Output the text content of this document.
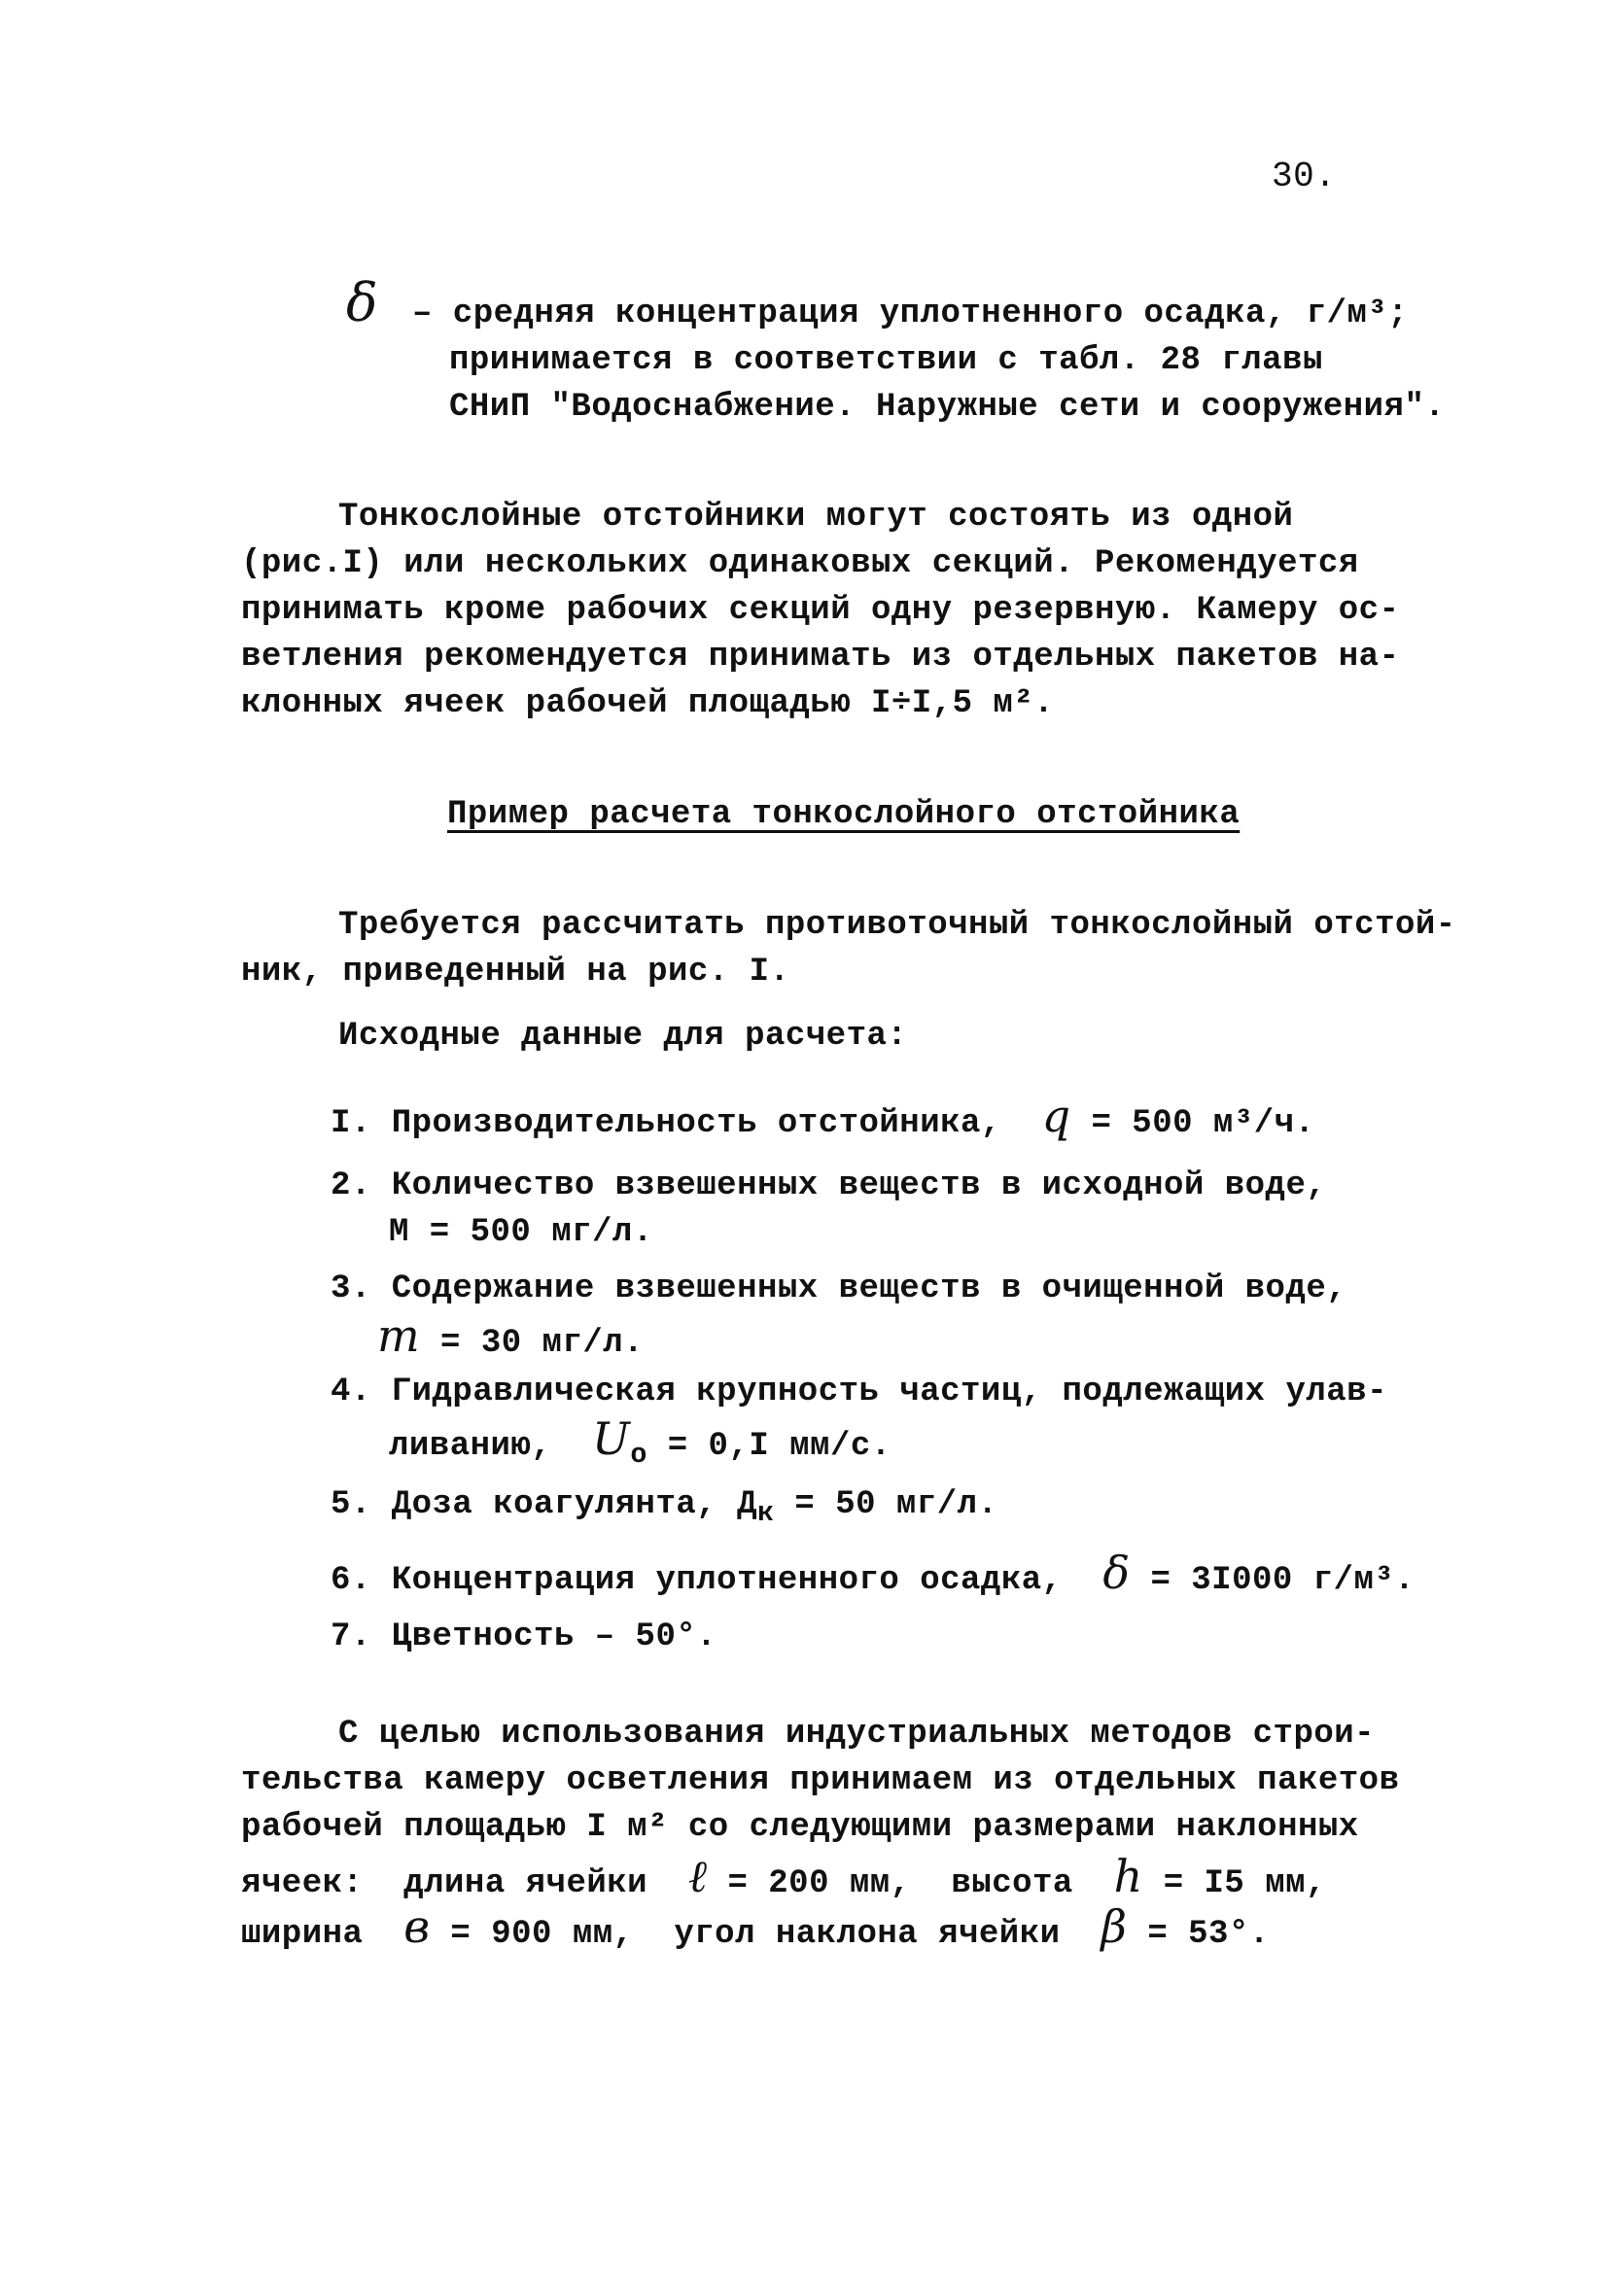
30.
δ – средняя концентрация уплотненного осадка, г/м³;
принимается в соответствии с табл. 28 главы
СНиП "Водоснабжение. Наружные сети и сооружения".
Тонкослойные отстойники могут состоять из одной
(рис.I) или нескольких одинаковых секций. Рекомендуется
принимать кроме рабочих секций одну резервную. Камеру ос-
ветления рекомендуется принимать из отдельных пакетов на-
клонных ячеек рабочей площадью I÷I,5 м².
Пример расчета тонкослойного отстойника
Требуется рассчитать противоточный тонкослойный отстой-
ник, приведенный на рис. I.
Исходные данные для расчета:
I. Производительность отстойника, q = 500 м³/ч.
2. Количество взвешенных веществ в исходной воде,
М = 500 мг/л.
3. Содержание взвешенных веществ в очищенной воде,
m = 30 мг/л.
4. Гидравлическая крупность частиц, подлежащих улав-
ливанию, $U_o = 0,I$ мм/с.
5. Доза коагулянта, $Д_к = 50$ мг/л.
6. Концентрация уплотненного осадка, δ = 3I000 г/м³.
7. Цветность – 50°.
С целью использования индустриальных методов строи-
тельства камеру осветления принимаем из отдельных пакетов
рабочей площадью I м² со следующими размерами наклонных
ячеек:  длина ячейки ℓ = 200 мм,  высота h = I5 мм,
ширина в = 900 мм,  угол наклона ячейки β = 53°.
